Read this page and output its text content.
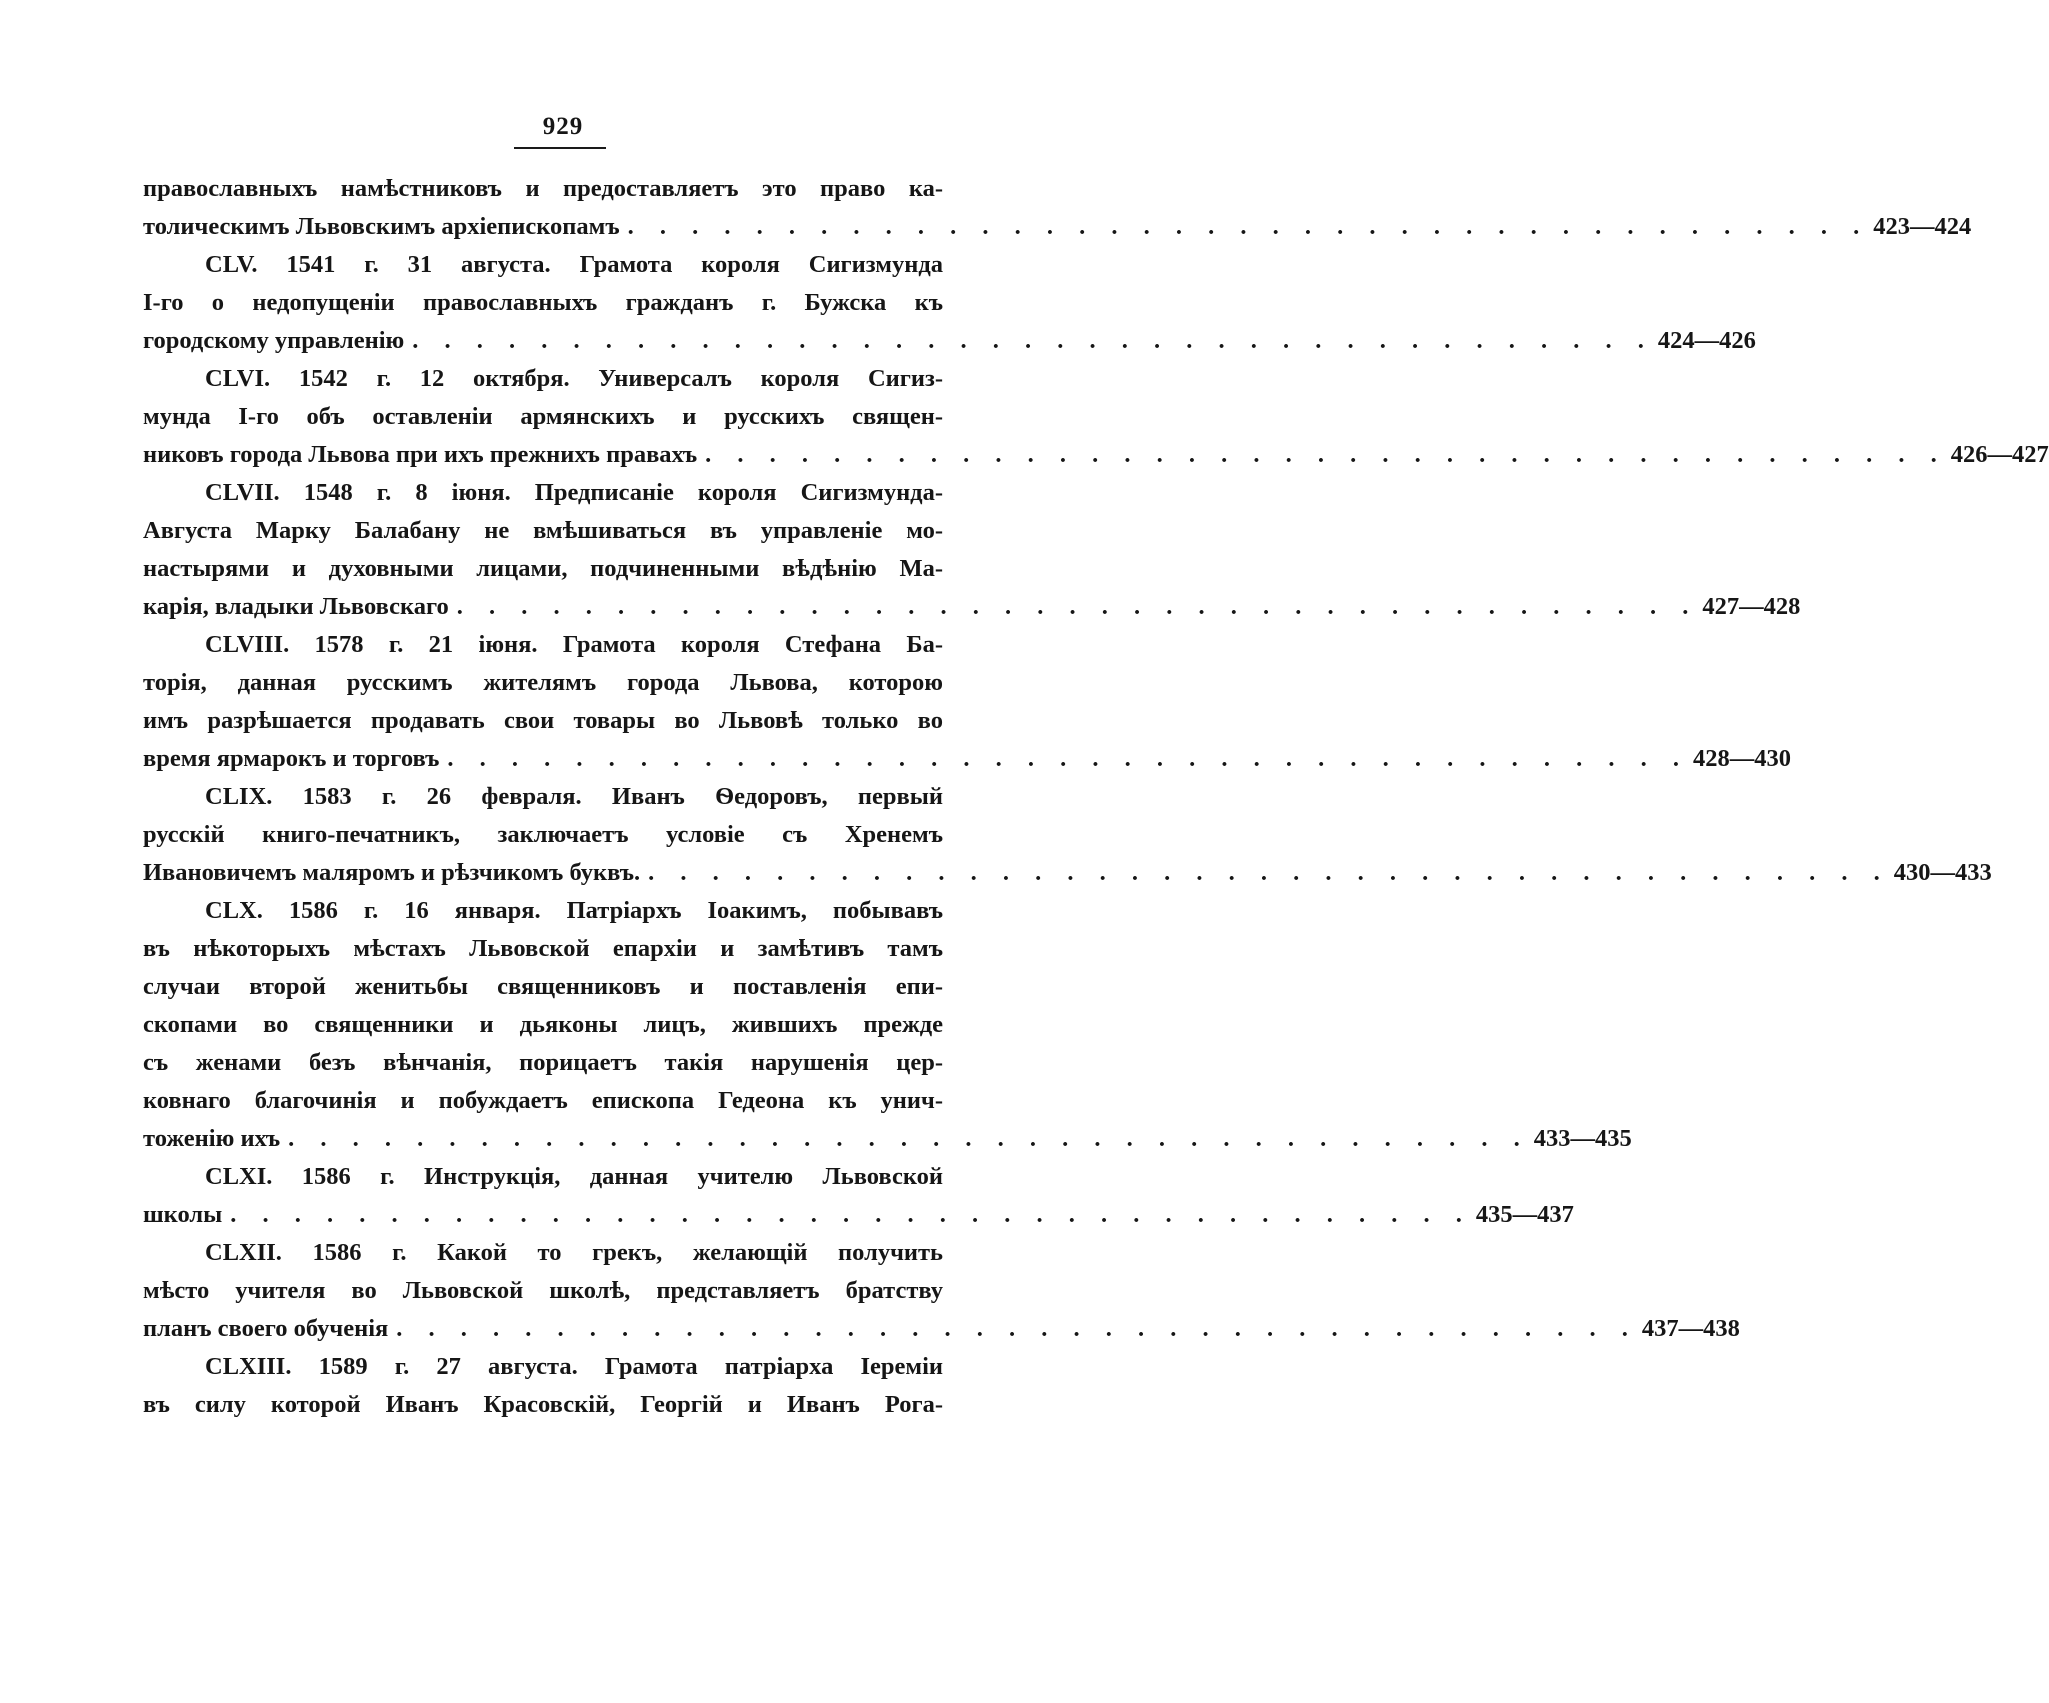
929
православныхъ намѣстниковъ и предоставляетъ это право ка-
толическимъ Львовскимъ архіепископамъ . . . . . . . . . . . . . . . . . . . . . . . . . . . . . . . . . . . . . . . 423—424
CLV. 1541 г. 31 августа. Грамота короля Сигизмунда
I-го о недопущеніи православныхъ гражданъ г. Бужска къ
городскому управленію . . . . . . . . . . . . . . . . . . . . . . . . . . . . . . . . . . . . . . . 424—426
CLVI. 1542 г. 12 октября. Универсалъ короля Сигиз-
мунда I-го объ оставленіи армянскихъ и русскихъ священ-
никовъ города Львова при ихъ прежнихъ правахъ . . . . . . . . . . . . . . . . . . . . . . . . . . . . . . . . . . . . . . . 426—427
CLVII. 1548 г. 8 іюня. Предписаніе короля Сигизмунда-
Августа Марку Балабану не вмѣшиваться въ управленіе мо-
настырями и духовными лицами, подчиненными вѣдѣнію Ма-
карія, владыки Львовскаго . . . . . . . . . . . . . . . . . . . . . . . . . . . . . . . . . . . . . . . 427—428
CLVIII. 1578 г. 21 іюня. Грамота короля Стефана Ба-
торія, данная русскимъ жителямъ города Львова, которою
имъ разрѣшается продавать свои товары во Львовѣ только во
время ярмарокъ и торговъ . . . . . . . . . . . . . . . . . . . . . . . . . . . . . . . . . . . . . . . 428—430
CLIX. 1583 г. 26 февраля. Иванъ Ѳедоровъ, первый
русскій книго-печатникъ, заключаетъ условіе съ Хренемъ
Ивановичемъ маляромъ и рѣзчикомъ буквъ. . . . . . . . . . . . . . . . . . . . . . . . . . . . . . . . . . . . . . . . 430—433
CLX. 1586 г. 16 января. Патріархъ Іоакимъ, побывавъ
въ нѣкоторыхъ мѣстахъ Львовской епархіи и замѣтивъ тамъ
случаи второй женитьбы священниковъ и поставленія епи-
скопами во священники и дьяконы лицъ, жившихъ прежде
съ женами безъ вѣнчанія, порицаетъ такія нарушенія цер-
ковнаго благочинія и побуждаетъ епископа Гедеона къ унич-
тоженію ихъ . . . . . . . . . . . . . . . . . . . . . . . . . . . . . . . . . . . . . . . 433—435
CLXI. 1586 г. Инструкція, данная учителю Львовской
школы . . . . . . . . . . . . . . . . . . . . . . . . . . . . . . . . . . . . . . . 435—437
CLXII. 1586 г. Какой то грекъ, желающій получить
мѣсто учителя во Львовской школѣ, представляетъ братству
планъ своего обученія . . . . . . . . . . . . . . . . . . . . . . . . . . . . . . . . . . . . . . . 437—438
CLXIII. 1589 г. 27 августа. Грамота патріарха Іереміи
въ силу которой Иванъ Красовскій, Георгій и Иванъ Рога-
